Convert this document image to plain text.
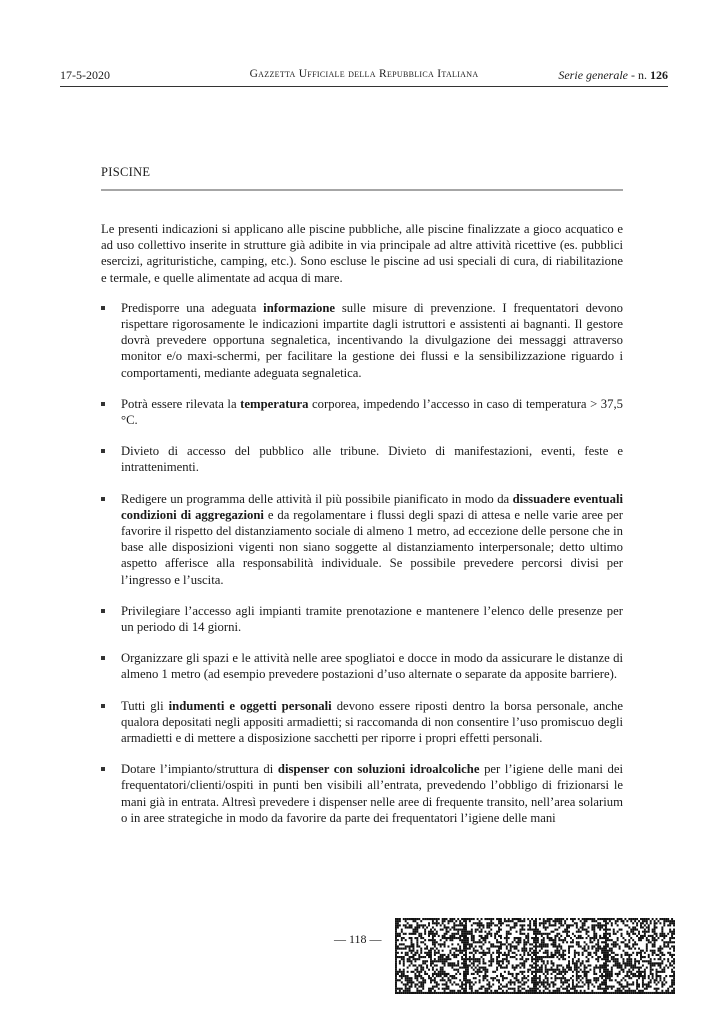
17-5-2020	Gazzetta Ufficiale della Repubblica Italiana	Serie generale - n. 126
PISCINE

Le presenti indicazioni si applicano alle piscine pubbliche, alle piscine finalizzate a gioco acquatico e ad uso collettivo inserite in strutture già adibite in via principale ad altre attività ricettive (es. pubblici esercizi, agrituristiche, camping, etc.). Sono escluse le piscine ad usi speciali di cura, di riabilitazione e termale, e quelle alimentate ad acqua di mare.

Predisporre una adeguata informazione sulle misure di prevenzione. I frequentatori devono rispettare rigorosamente le indicazioni impartite dagli istruttori e assistenti ai bagnanti. Il gestore dovrà prevedere opportuna segnaletica, incentivando la divulgazione dei messaggi attraverso monitor e/o maxi-schermi, per facilitare la gestione dei flussi e la sensibilizzazione riguardo i comportamenti, mediante adeguata segnaletica.
Potrà essere rilevata la temperatura corporea, impedendo l’accesso in caso di temperatura > 37,5 °C.
Divieto di accesso del pubblico alle tribune. Divieto di manifestazioni, eventi, feste e intrattenimenti.
Redigere un programma delle attività il più possibile pianificato in modo da dissuadere eventuali condizioni di aggregazioni e da regolamentare i flussi degli spazi di attesa e nelle varie aree per favorire il rispetto del distanziamento sociale di almeno 1 metro, ad eccezione delle persone che in base alle disposizioni vigenti non siano soggette al distanziamento interpersonale; detto ultimo aspetto afferisce alla responsabilità individuale. Se possibile prevedere percorsi divisi per l’ingresso e l’uscita.
Privilegiare l’accesso agli impianti tramite prenotazione e mantenere l’elenco delle presenze per un periodo di 14 giorni.
Organizzare gli spazi e le attività nelle aree spogliatoi e docce in modo da assicurare le distanze di almeno 1 metro (ad esempio prevedere postazioni d’uso alternate o separate da apposite barriere).
Tutti gli indumenti e oggetti personali devono essere riposti dentro la borsa personale, anche qualora depositati negli appositi armadietti; si raccomanda di non consentire l’uso promiscuo degli armadietti e di mettere a disposizione sacchetti per riporre i propri effetti personali.
Dotare l’impianto/struttura di dispenser con soluzioni idroalcoliche per l’igiene delle mani dei frequentatori/clienti/ospiti in punti ben visibili all’entrata, prevedendo l’obbligo di frizionarsi le mani già in entrata. Altresì prevedere i dispenser nelle aree di frequente transito, nell’area solarium o in aree strategiche in modo da favorire da parte dei frequentatori l’igiene delle mani
— 118 —
